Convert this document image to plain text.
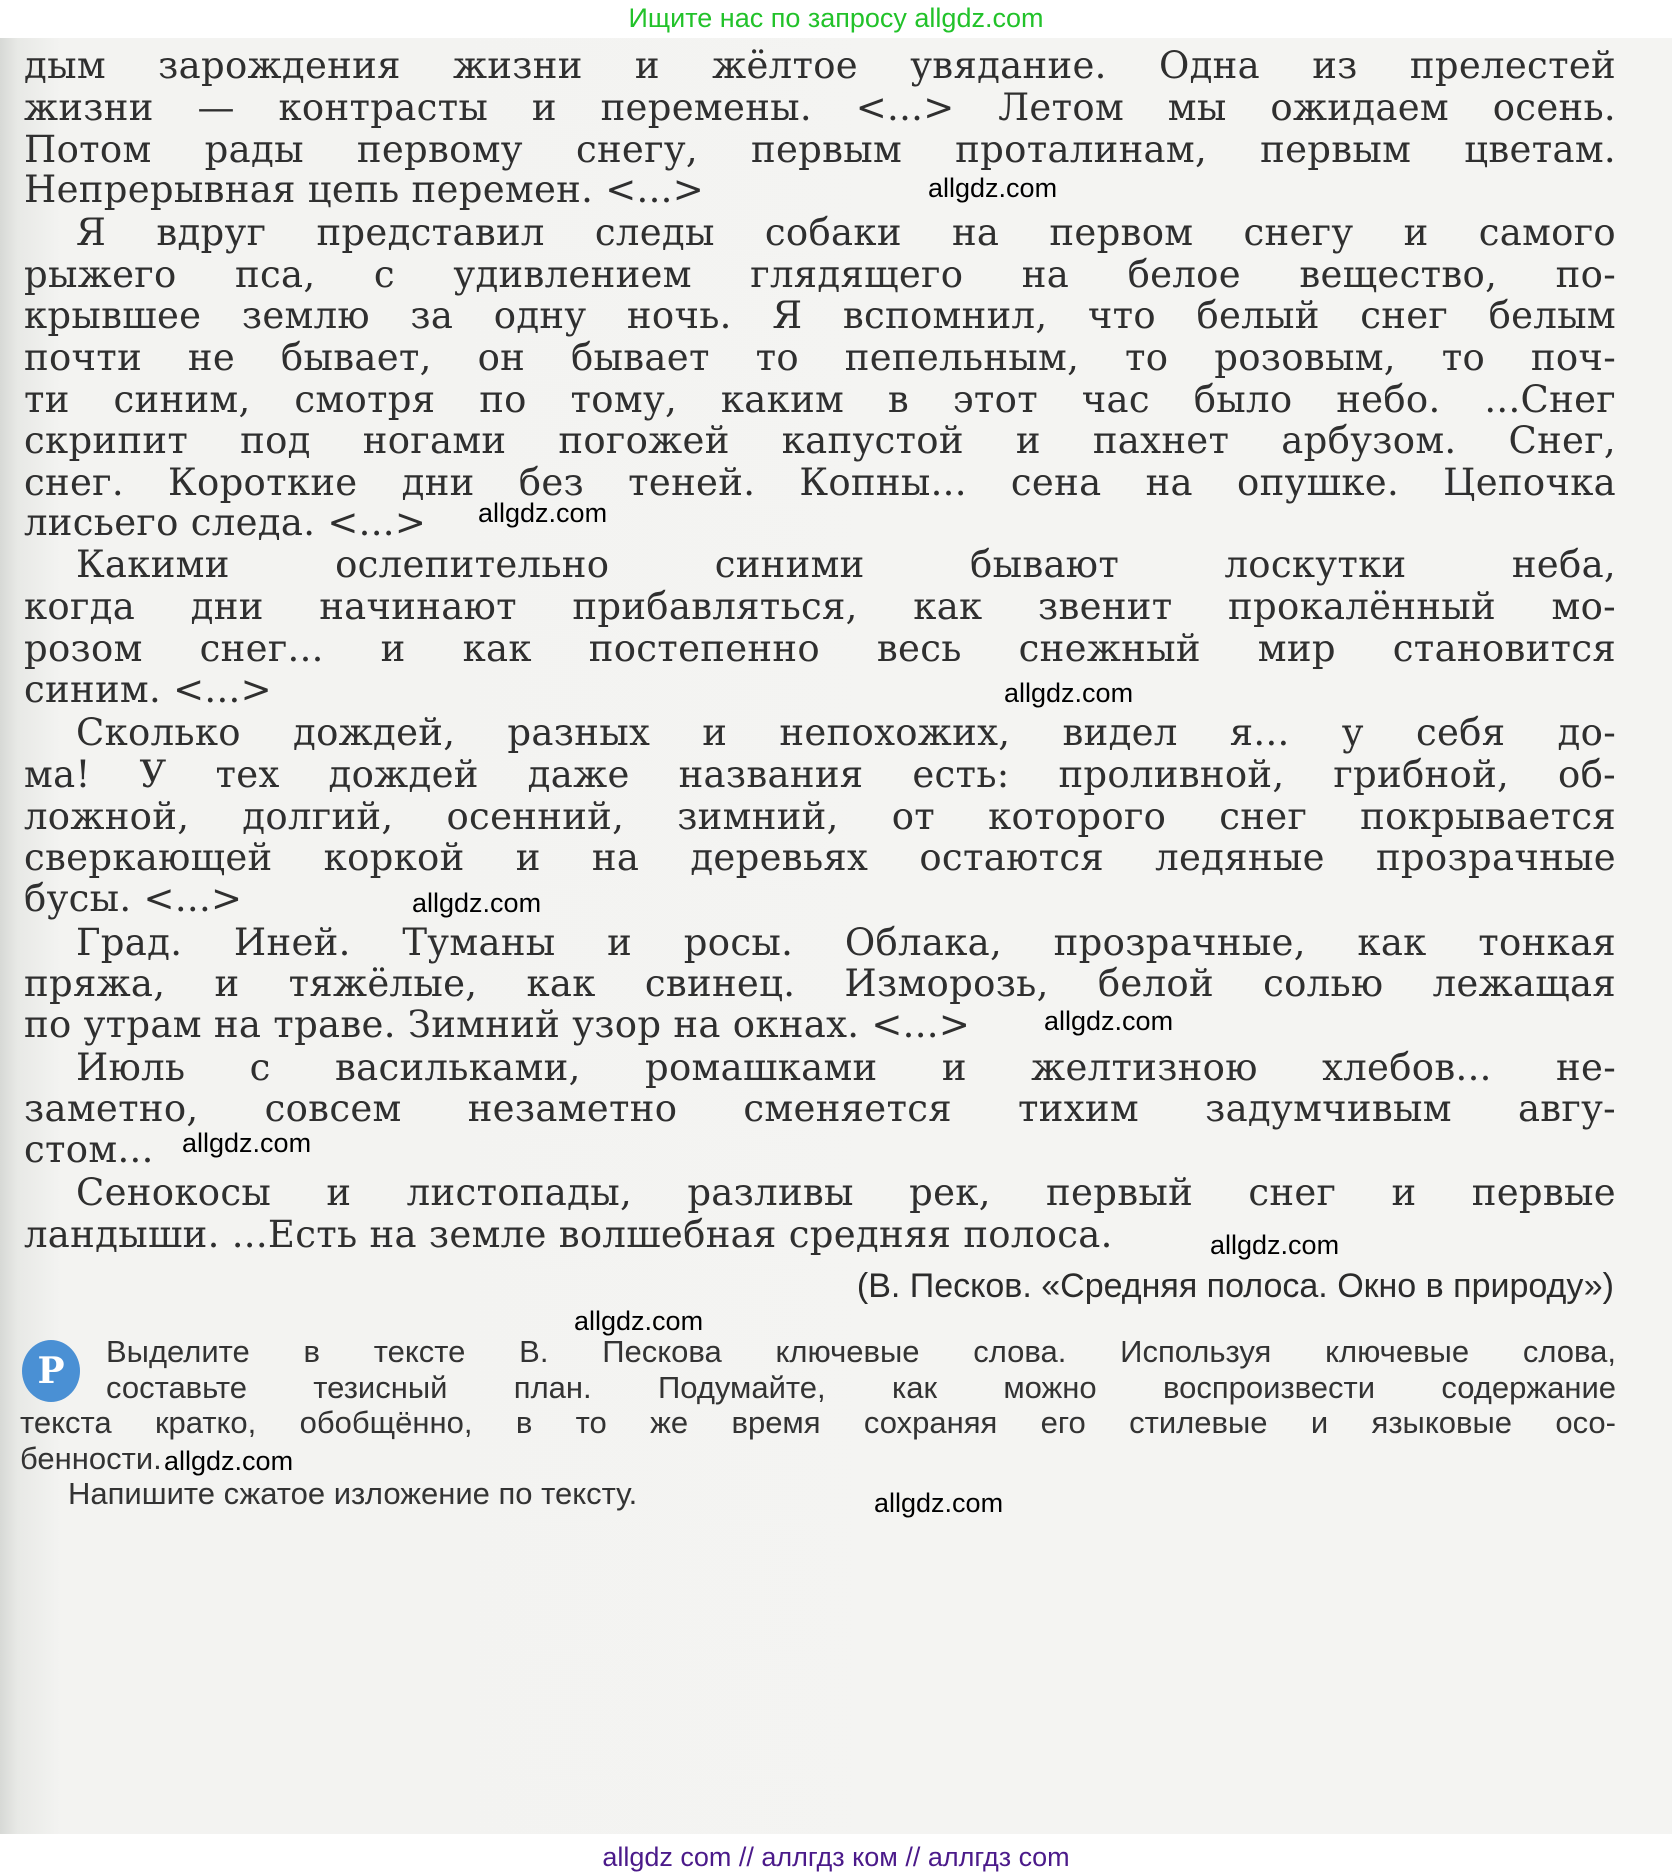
Ищите нас по запросу allgdz.com
дым зарождения жизни и жёлтое увядание. Одна из прелестей
жизни — контрасты и перемены. <...> Летом мы ожидаем осень.
Потом рады первому снегу, первым проталинам, первым цветам.
Непрерывная цепь перемен. <...>
Я вдруг представил следы собаки на первом снегу и самого
рыжего пса, с удивлением глядящего на белое вещество, по-
крывшее землю за одну ночь. Я вспомнил, что белый снег белым
почти не бывает, он бывает то пепельным, то розовым, то поч-
ти синим, смотря по тому, каким в этот час было небо. ...Снег
скрипит под ногами погожей капустой и пахнет арбузом. Снег,
снег. Короткие дни без теней. Копны... сена на опушке. Цепочка
лисьего следа. <...>
Какими ослепительно синими бывают лоскутки неба,
когда дни начинают прибавляться, как звенит прокалённый мо-
розом снег... и как постепенно весь снежный мир становится
синим. <...>
Сколько дождей, разных и непохожих, видел я... у себя до-
ма! У тех дождей даже названия есть: проливной, грибной, об-
ложной, долгий, осенний, зимний, от которого снег покрывается
сверкающей коркой и на деревьях остаются ледяные прозрачные
бусы. <...>
Град. Иней. Туманы и росы. Облака, прозрачные, как тонкая
пряжа, и тяжёлые, как свинец. Изморозь, белой солью лежащая
по утрам на траве. Зимний узор на окнах. <...>
Июль с васильками, ромашками и желтизною хлебов... не-
заметно, совсем незаметно сменяется тихим задумчивым авгу-
стом...
Сенокосы и листопады, разливы рек, первый снег и первые
ландыши. ...Есть на земле волшебная средняя полоса.
(В. Песков. «Средняя полоса. Окно в природу»)
Р	Выделите в тексте В. Пескова ключевые слова. Используя ключевые слова,
составьте тезисный план. Подумайте, как можно воспроизвести содержание
текста кратко, обобщённо, в то же время сохраняя его стилевые и языковые осо-
бенности.
Напишите сжатое изложение по тексту.
allgdz.com
allgdz.com
allgdz.com
allgdz.com
allgdz.com
allgdz.com
allgdz.com
allgdz.com
allgdz.com
allgdz.com
allgdz com // аллгдз ком // аллгдз com
